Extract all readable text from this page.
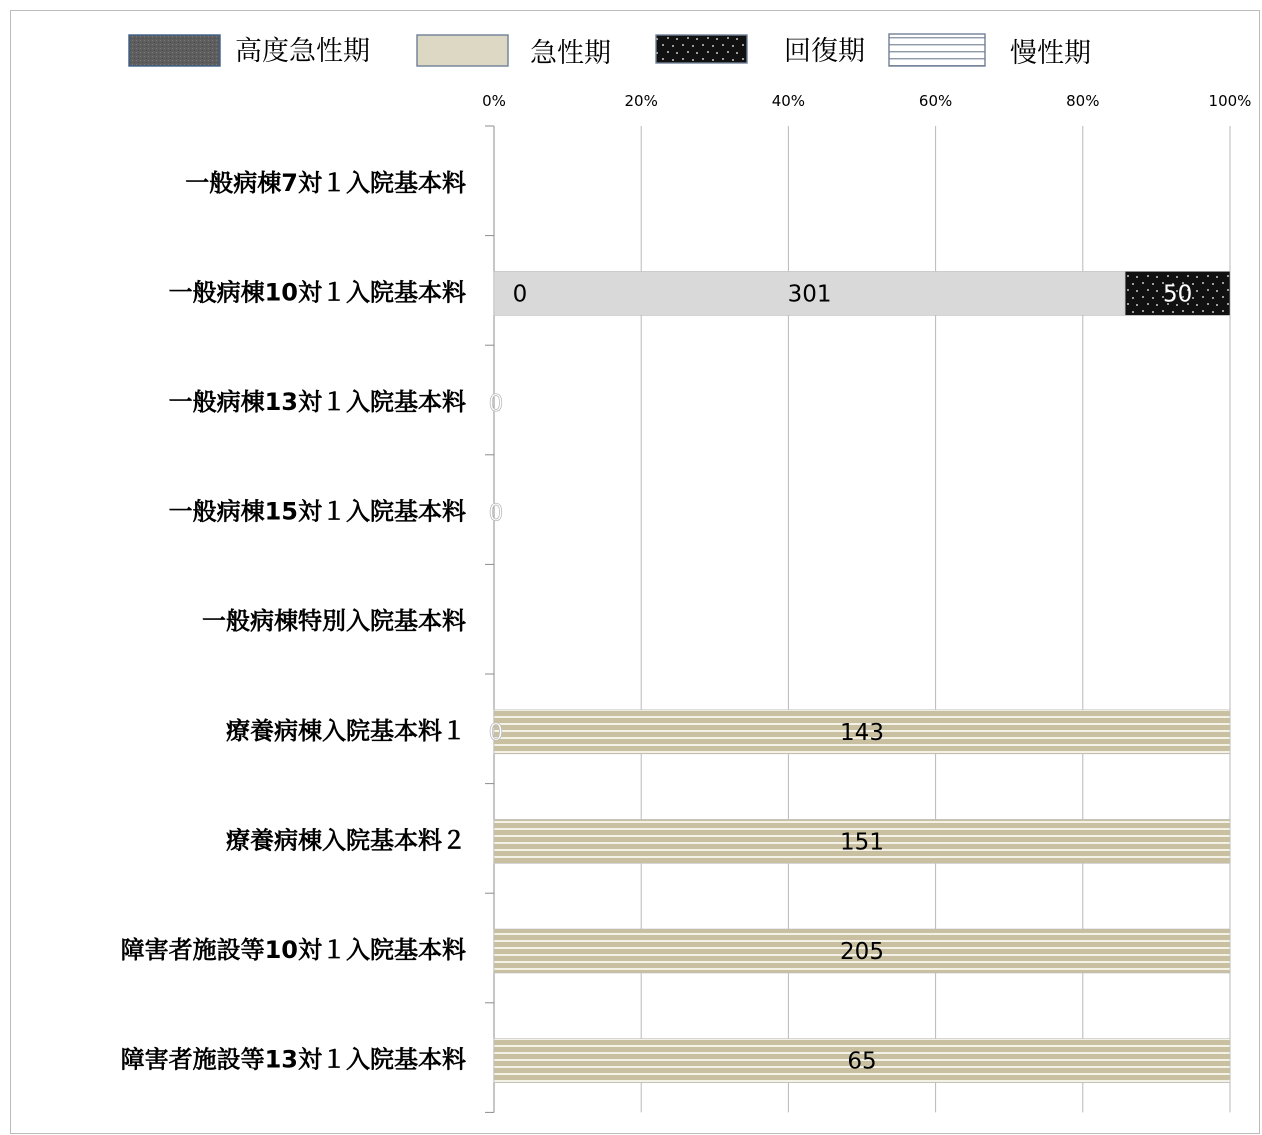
高度急性期	急性期	回復期	慢性期
0%	20%	40%	60%	80%	100%
一般病棟7対１入院基本料
一般病棟10対１入院基本料
一般病棟13対１入院基本料
一般病棟15対１入院基本料
一般病棟特別入院基本料
療養病棟入院基本料１
療養病棟入院基本料２
障害者施設等10対１入院基本料
障害者施設等13対１入院基本料
0	301	50
0
0
0	143
151
205
65
